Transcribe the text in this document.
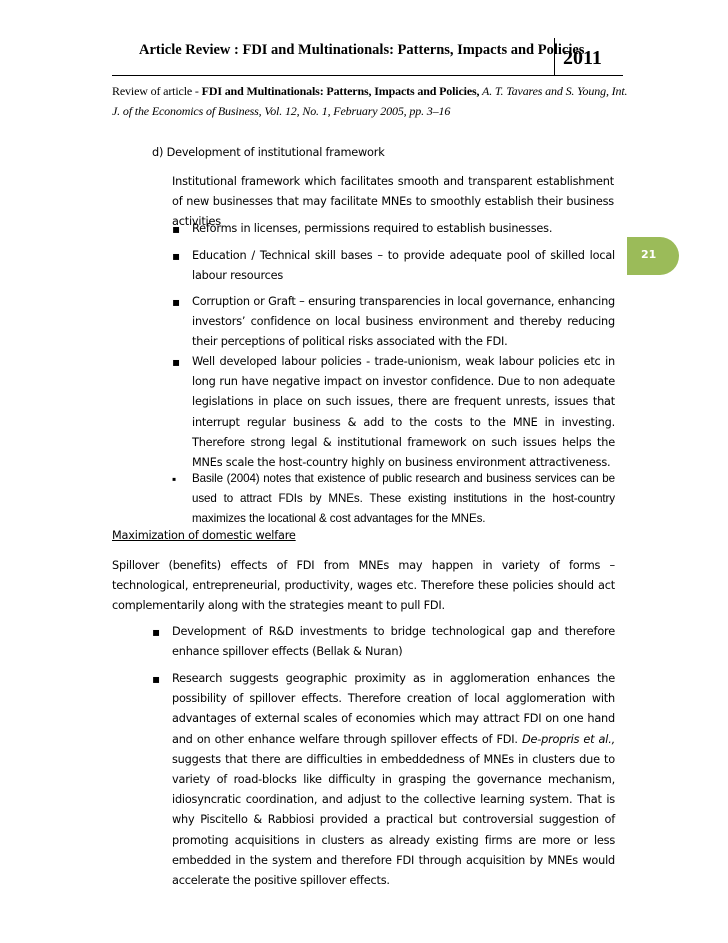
Article Review : FDI and Multinationals: Patterns, Impacts and Policies
2011
Review of article - FDI and Multinationals: Patterns, Impacts and Policies, A. T. Tavares and S. Young, Int. J. of the Economics of Business, Vol. 12, No. 1, February 2005, pp. 3–16
21
d) Development of institutional framework
Institutional framework which facilitates smooth and transparent establishment of new businesses that may facilitate MNEs to smoothly establish their business activities
▪ Reforms in licenses, permissions required to establish businesses.
▪ Education / Technical skill bases – to provide adequate pool of skilled local labour resources
▪ Corruption or Graft – ensuring transparencies in local governance, enhancing investors’ confidence on local business environment and thereby reducing their perceptions of political risks associated with the FDI.
▪ Well developed labour policies - trade-unionism, weak labour policies etc in long run have negative impact on investor confidence. Due to non adequate legislations in place on such issues, there are frequent unrests, issues that interrupt regular business & add to the costs to the MNE in investing. Therefore strong legal & institutional framework on such issues helps the MNEs scale the host-country highly on business environment attractiveness.
▪ Basile (2004) notes that existence of public research and business services can be used to attract FDIs by MNEs. These existing institutions in the host-country maximizes the locational & cost advantages for the MNEs.
Maximization of domestic welfare
Spillover (benefits) effects of FDI from MNEs may happen in variety of forms – technological, entrepreneurial, productivity, wages etc. Therefore these policies should act complementarily along with the strategies meant to pull FDI.
▪ Development of R&D investments to bridge technological gap and therefore enhance spillover effects (Bellak & Nuran)
▪ Research suggests geographic proximity as in agglomeration enhances the possibility of spillover effects. Therefore creation of local agglomeration with advantages of external scales of economies which may attract FDI on one hand and on other enhance welfare through spillover effects of FDI. De-propris et al., suggests that there are difficulties in embeddedness of MNEs in clusters due to variety of road-blocks like difficulty in grasping the governance mechanism, idiosyncratic coordination, and adjust to the collective learning system. That is why Piscitello & Rabbiosi provided a practical but controversial suggestion of promoting acquisitions in clusters as already existing firms are more or less embedded in the system and therefore FDI through acquisition by MNEs would accelerate the positive spillover effects.
